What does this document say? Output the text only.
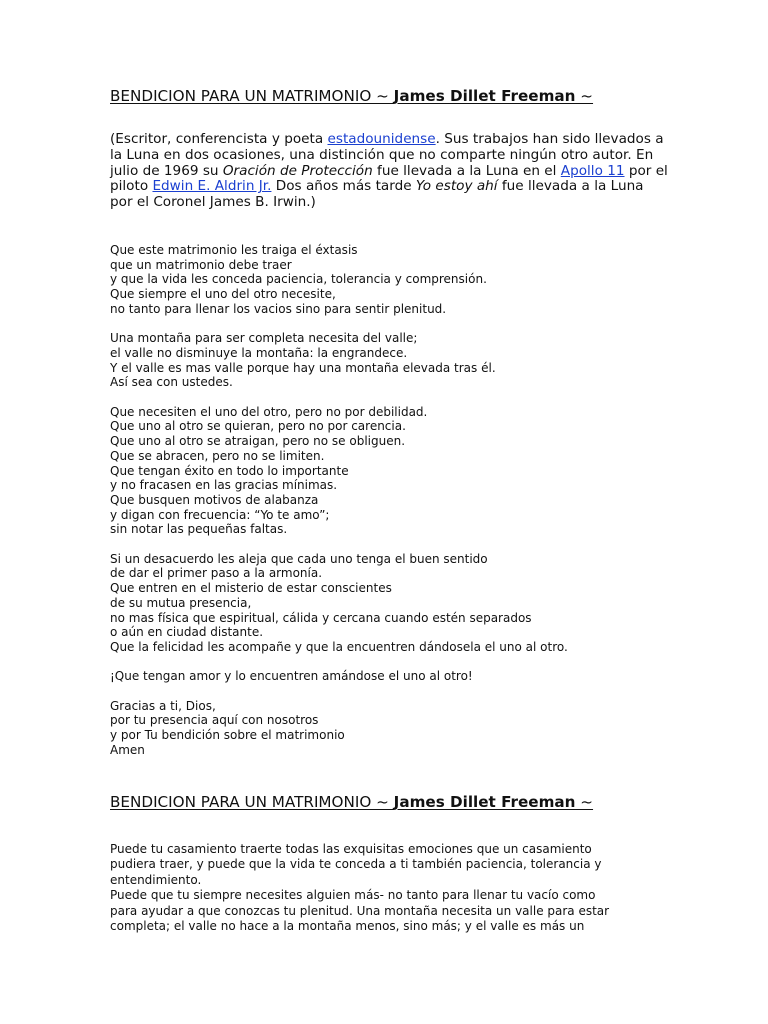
BENDICION PARA UN MATRIMONIO ~ James Dillet Freeman ~
(Escritor, conferencista y poeta estadounidense. Sus trabajos han sido llevados a la Luna en dos ocasiones, una distinción que no comparte ningún otro autor. En julio de 1969 su Oración de Protección fue llevada a la Luna en el Apollo 11 por el piloto Edwin E. Aldrin Jr. Dos años más tarde Yo estoy ahí fue llevada a la Luna por el Coronel James B. Irwin.)
Que este matrimonio les traiga el éxtasis
que un matrimonio debe traer
y que la vida les conceda paciencia, tolerancia y comprensión.
Que siempre el uno del otro necesite,
no tanto para llenar los vacios sino para sentir plenitud.
Una montaña para ser completa necesita del valle;
el valle no disminuye la montaña: la engrandece.
Y el valle es mas valle porque hay una montaña elevada tras él.
Así sea con ustedes.
Que necesiten el uno del otro, pero no por debilidad.
Que uno al otro se quieran, pero no por carencia.
Que uno al otro se atraigan, pero no se obliguen.
Que se abracen, pero no se limiten.
Que tengan éxito en todo lo importante
y no fracasen en las gracias mínimas.
Que busquen motivos de alabanza
y digan con frecuencia: “Yo te amo”;
sin notar las pequeñas faltas.
Si un desacuerdo les aleja que cada uno tenga el buen sentido
de dar el primer paso a la armonía.
Que entren en el misterio de estar conscientes
de su mutua presencia,
no mas física que espiritual, cálida y cercana cuando estén separados
o aún en ciudad distante.
Que la felicidad les acompañe y que la encuentren dándosela el uno al otro.
¡Que tengan amor y lo encuentren amándose el uno al otro!
Gracias a ti, Dios,
por tu presencia aquí con nosotros
y por Tu bendición sobre el matrimonio
Amen
BENDICION PARA UN MATRIMONIO ~ James Dillet Freeman ~
Puede tu casamiento traerte todas las exquisitas emociones que un casamiento
pudiera traer, y puede que la vida te conceda a ti también paciencia, tolerancia y
entendimiento.
Puede que tu siempre necesites alguien más- no tanto para llenar tu vacío como
para ayudar a que conozcas tu plenitud. Una montaña necesita un valle para estar
completa; el valle no hace a la montaña menos, sino más; y el valle es más un
